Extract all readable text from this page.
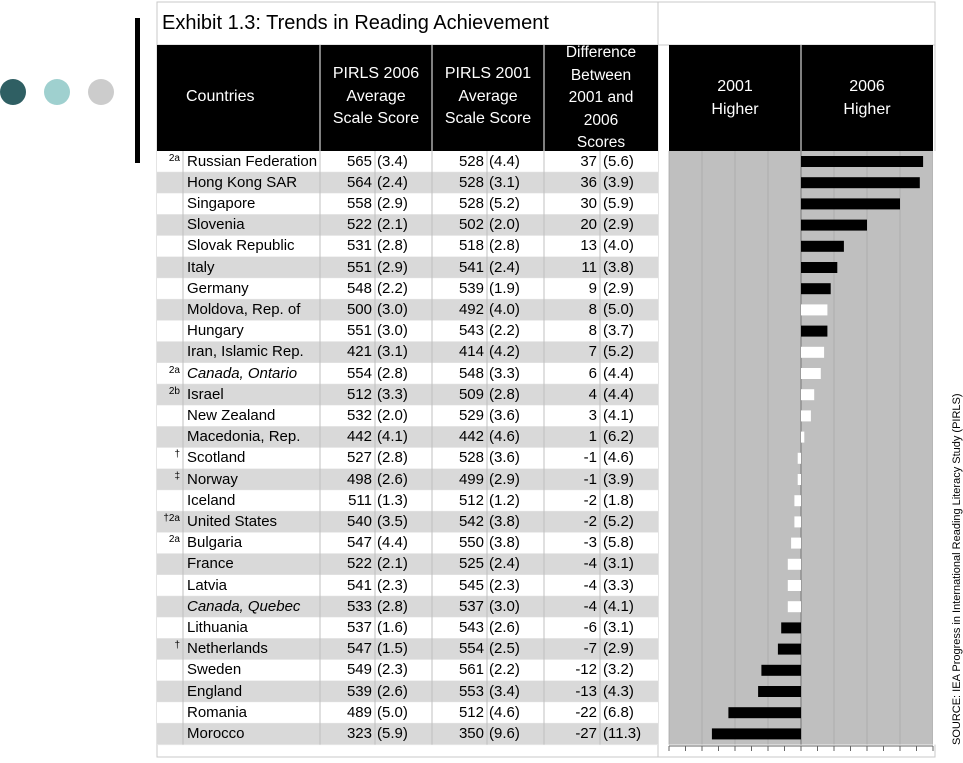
Exhibit 1.3: Trends in Reading Achievement
Countries
PIRLS 2006
Average
Scale Score
PIRLS 2001
Average
Scale Score
Difference
Between
2001 and
2006
Scores
2001
Higher
2006
Higher
2a Russian Federation	565 (3.4)	528 (4.4)	37 (5.6)
Hong Kong SAR	564 (2.4)	528 (3.1)	36 (3.9)
Singapore	558 (2.9)	528 (5.2)	30 (5.9)
Slovenia	522 (2.1)	502 (2.0)	20 (2.9)
Slovak Republic	531 (2.8)	518 (2.8)	13 (4.0)
Italy	551 (2.9)	541 (2.4)	11 (3.8)
Germany	548 (2.2)	539 (1.9)	9 (2.9)
Moldova, Rep. of	500 (3.0)	492 (4.0)	8 (5.0)
Hungary	551 (3.0)	543 (2.2)	8 (3.7)
Iran, Islamic Rep.	421 (3.1)	414 (4.2)	7 (5.2)
2a Canada, Ontario	554 (2.8)	548 (3.3)	6 (4.4)
2b Israel	512 (3.3)	509 (2.8)	4 (4.4)
New Zealand	532 (2.0)	529 (3.6)	3 (4.1)
Macedonia, Rep.	442 (4.1)	442 (4.6)	1 (6.2)
† Scotland	527 (2.8)	528 (3.6)	-1 (4.6)
‡ Norway	498 (2.6)	499 (2.9)	-1 (3.9)
Iceland	511 (1.3)	512 (1.2)	-2 (1.8)
†2a United States	540 (3.5)	542 (3.8)	-2 (5.2)
2a Bulgaria	547 (4.4)	550 (3.8)	-3 (5.8)
France	522 (2.1)	525 (2.4)	-4 (3.1)
Latvia	541 (2.3)	545 (2.3)	-4 (3.3)
Canada, Quebec	533 (2.8)	537 (3.0)	-4 (4.1)
Lithuania	537 (1.6)	543 (2.6)	-6 (3.1)
† Netherlands	547 (1.5)	554 (2.5)	-7 (2.9)
Sweden	549 (2.3)	561 (2.2)	-12 (3.2)
England	539 (2.6)	553 (3.4)	-13 (4.3)
Romania	489 (5.0)	512 (4.6)	-22 (6.8)
Morocco	323 (5.9)	350 (9.6)	-27 (11.3)	SOURCE: IEA Progress in International Reading Literacy Study (PIRLS)
